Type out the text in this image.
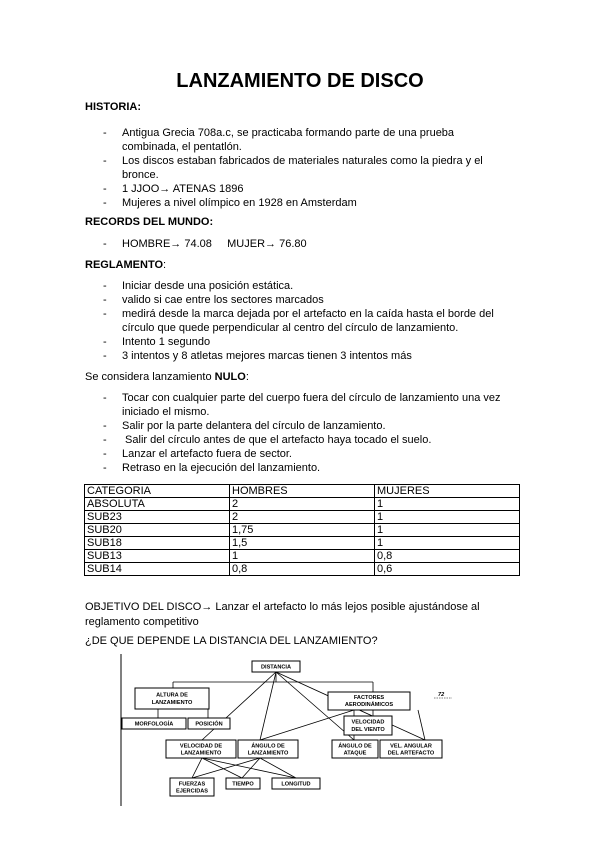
LANZAMIENTO DE DISCO
HISTORIA:
- Antigua Grecia 708a.c, se practicaba formando parte de una prueba combinada, el pentatlón.
- Los discos estaban fabricados de materiales naturales como la piedra y el bronce.
- 1 JJOO→ ATENAS 1896
- Mujeres a nivel olímpico en 1928 en Amsterdam
RECORDS DEL MUNDO:
- HOMBRE→ 74.08     MUJER→ 76.80
REGLAMENTO:
- Iniciar desde una posición estática.
- valido si cae entre los sectores marcados
- medirá desde la marca dejada por el artefacto en la caída hasta el borde del círculo que quede perpendicular al centro del círculo de lanzamiento.
- Intento 1 segundo
- 3 intentos y 8 atletas mejores marcas tienen 3 intentos más
Se considera lanzamiento NULO:
- Tocar con cualquier parte del cuerpo fuera del círculo de lanzamiento una vez iniciado el mismo.
- Salir por la parte delantera del círculo de lanzamiento.
-  Salir del círculo antes de que el artefacto haya tocado el suelo.
- Lanzar el artefacto fuera de sector.
- Retraso en la ejecución del lanzamiento.
CATEGORIA	HOMBRES	MUJERES
ABSOLUTA	2	1
SUB23	2	1
SUB20	1,75	1
SUB18	1,5	1
SUB13	1	0,8
SUB14	0,8	0,6
OBJETIVO DEL DISCO→ Lanzar el artefacto lo más lejos posible ajustándose al reglamento competitivo
¿DE QUE DEPENDE LA DISTANCIA DEL LANZAMIENTO?
DISTANCIA
ALTURA DE
LANZAMIENTO
FACTORES
AERODINÁMICOS
72
MORFOLOGÍA	POSICIÓN	VELOCIDAD
DEL VIENTO
VELOCIDAD DE
LANZAMIENTO
ÁNGULO DE
LANZAMIENTO
ÁNGULO DE
ATAQUE
VEL. ANGULAR
DEL ARTEFACTO
FUERZAS
EJERCIDAS
TIEMPO	LONGITUD
